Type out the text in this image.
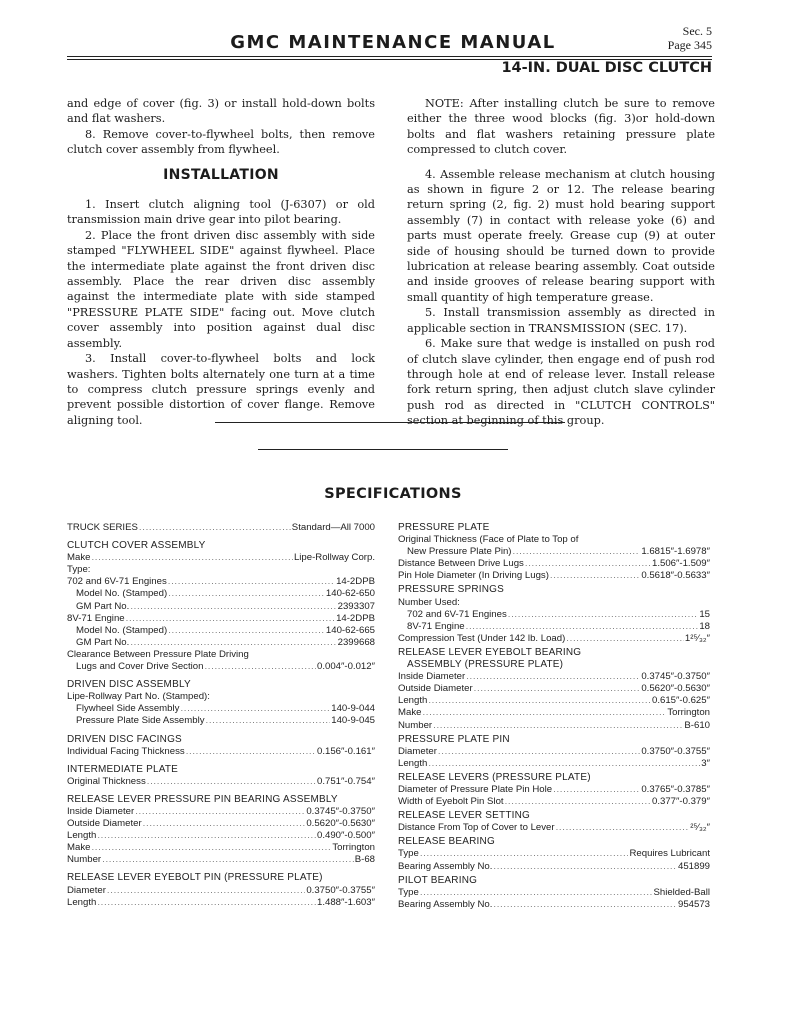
GMC MAINTENANCE MANUAL
Sec. 5
Page 345
14-IN. DUAL DISC CLUTCH

and edge of cover (fig. 3) or install hold-down bolts and flat washers.

8. Remove cover-to-flywheel bolts, then remove clutch cover assembly from flywheel.

INSTALLATION

1. Insert clutch aligning tool (J-6307) or old transmission main drive gear into pilot bearing.

2. Place the front driven disc assembly with side stamped "FLYWHEEL SIDE" against flywheel. Place the intermediate plate against the front driven disc assembly. Place the rear driven disc assembly against the intermediate plate with side stamped "PRESSURE PLATE SIDE" facing out. Move clutch cover assembly into position against dual disc assembly.

3. Install cover-to-flywheel bolts and lock washers. Tighten bolts alternately one turn at a time to compress clutch pressure springs evenly and prevent possible distortion of cover flange. Remove aligning tool.

NOTE: After installing clutch be sure to remove either the three wood blocks (fig. 3)or hold-down bolts and flat washers retaining pressure plate compressed to clutch cover.

4. Assemble release mechanism at clutch housing as shown in figure 2 or 12. The release bearing return spring (2, fig. 2) must hold bearing support assembly (7) in contact with release yoke (6) and parts must operate freely. Grease cup (9) at outer side of housing should be turned down to provide lubrication at release bearing assembly. Coat outside and inside grooves of release bearing support with small quantity of high temperature grease.

5. Install transmission assembly as directed in applicable section in TRANSMISSION (SEC. 17).

6. Make sure that wedge is installed on push rod of clutch slave cylinder, then engage end of push rod through hole at end of release lever. Install release fork return spring, then adjust clutch slave cylinder push rod as directed in "CLUTCH CONTROLS" section at beginning of this group.

SPECIFICATIONS
TRUCK SERIES . . .	Standard—All 7000
CLUTCH COVER ASSEMBLY
Make . . .	Lipe-Rollway Corp.
Type:
702 and 6V-71 Engines . . .	14-2DPB
Model No. (Stamped) . . .	140-62-650
GM Part No. . . .	2393307
8V-71 Engine . . .	14-2DPB
Model No. (Stamped) . . .	140-62-665
GM Part No. . . .	2399668
Clearance Between Pressure Plate Driving
Lugs and Cover Drive Section . . .	0.004″-0.012″
DRIVEN DISC ASSEMBLY
Lipe-Rollway Part No. (Stamped):
Flywheel Side Assembly . . .	140-9-044
Pressure Plate Side Assembly . . .	140-9-045
DRIVEN DISC FACINGS
Individual Facing Thickness . . .	0.156″-0.161″
INTERMEDIATE PLATE
Original Thickness . . .	0.751″-0.754″
RELEASE LEVER PRESSURE PIN BEARING ASSEMBLY
Inside Diameter . . .	0.3745″-0.3750″
Outside Diameter . . .	0.5620″-0.5630″
Length . . .	0.490″-0.500″
Make . . .	Torrington
Number . . .	B-68
RELEASE LEVER EYEBOLT PIN (PRESSURE PLATE)
Diameter . . .	0.3750″-0.3755″
Length . . .	1.488″-1.603″
PRESSURE PLATE
Original Thickness (Face of Plate to Top of
New Pressure Plate Pin) . . .	1.6815″-1.6978″
Distance Between Drive Lugs . . .	1.506″-1.509″
Pin Hole Diameter (In Driving Lugs) . . .	0.5618″-0.5633″
PRESSURE SPRINGS
Number Used:
702 and 6V-71 Engines . . .	15
8V-71 Engine . . .	18
Compression Test (Under 142 lb. Load) . . .	1²⁵⁄₃₂″
RELEASE LEVER EYEBOLT BEARING
ASSEMBLY (PRESSURE PLATE)
Inside Diameter . . .	0.3745″-0.3750″
Outside Diameter . . .	0.5620″-0.5630″
Length . . .	0.615″-0.625″
Make . . .	Torrington
Number . . .	B-610
PRESSURE PLATE PIN
Diameter . . .	0.3750″-0.3755″
Length . . .	3″
RELEASE LEVERS (PRESSURE PLATE)
Diameter of Pressure Plate Pin Hole . . .	0.3765″-0.3785″
Width of Eyebolt Pin Slot . . .	0.377″-0.379″
RELEASE LEVER SETTING
Distance From Top of Cover to Lever . . .	²⁵⁄₃₂″
RELEASE BEARING
Type . . .	Requires Lubricant
Bearing Assembly No. . . .	451899
PILOT BEARING
Type . . .	Shielded-Ball
Bearing Assembly No. . . .	954573
